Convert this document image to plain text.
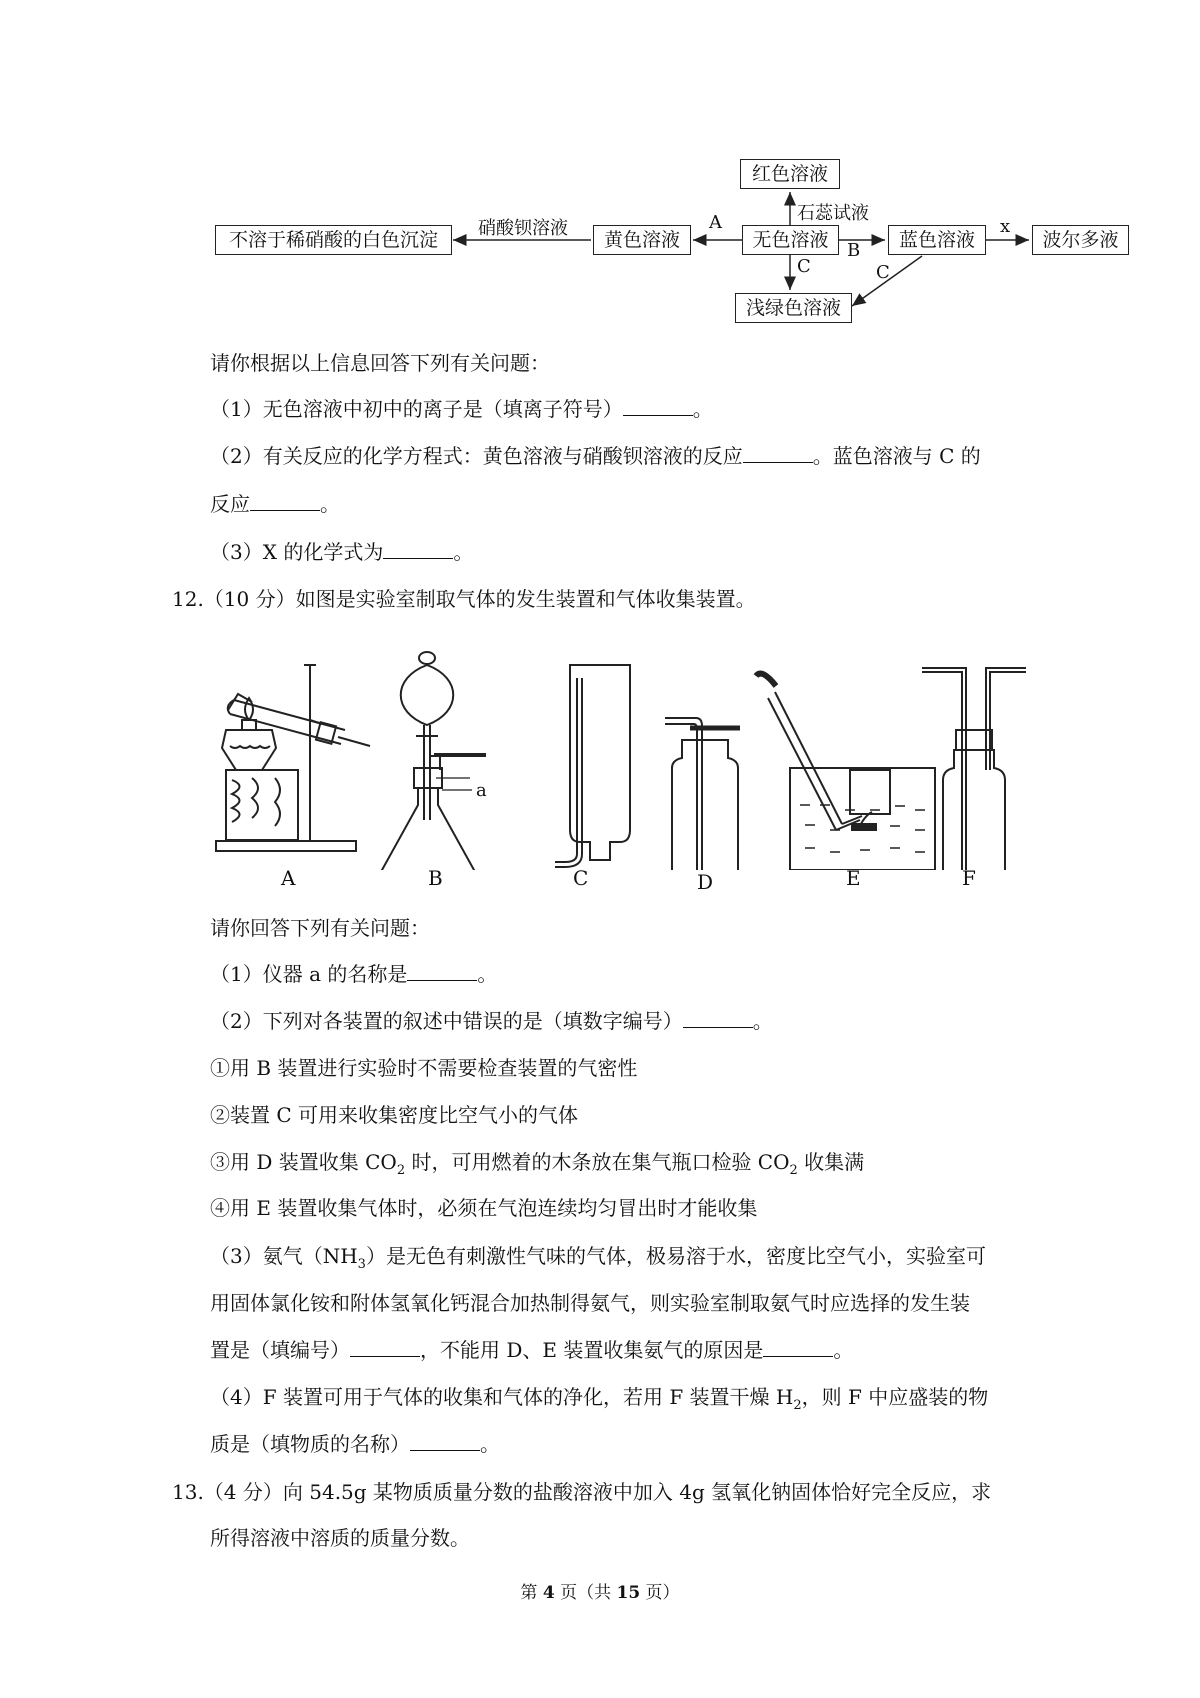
不溶于稀硝酸的白色沉淀	黄色溶液	无色溶液
红色溶液
蓝色溶液	波尔多液
浅绿色溶液
硝酸钡溶液	A	石蕊试液
B
C
x
C
请你根据以上信息回答下列有关问题：
（1）无色溶液中初中的离子是（填离子符号）	。
（2）有关反应的化学方程式：黄色溶液与硝酸钡溶液的反应	。蓝色溶液与 C 的
反应	。
（3）X 的化学式为	。
12.（10 分）如图是实验室制取气体的发生装置和气体收集装置。
a
A	B	C	D	E	F
请你回答下列有关问题：
（1）仪器 a 的名称是	。
（2）下列对各装置的叙述中错误的是（填数字编号）	。
①用 B 装置进行实验时不需要检查装置的气密性
②装置 C 可用来收集密度比空气小的气体
③用 D 装置收集 $CO_2$ 时，可用燃着的木条放在集气瓶口检验 $CO_2$ 收集满
④用 E 装置收集气体时，必须在气泡连续均匀冒出时才能收集
（3）氨气$(NH_3)$是无色有刺激性气味的气体，极易溶于水，密度比空气小，实验室可
用固体氯化铵和附体氢氧化钙混合加热制得氨气，则实验室制取氨气时应选择的发生装
置是（填编号）	，不能用 D、E 装置收集氨气的原因是	。
（4）F 装置可用于气体的收集和气体的净化，若用 F 装置干燥 $H_2$，则 F 中应盛装的物
质是（填物质的名称）	。
13.（4 分）向 54.5g 某物质质量分数的盐酸溶液中加入 4g 氢氧化钠固体恰好完全反应，求
所得溶液中溶质的质量分数。
第 4 页（共 15 页）
